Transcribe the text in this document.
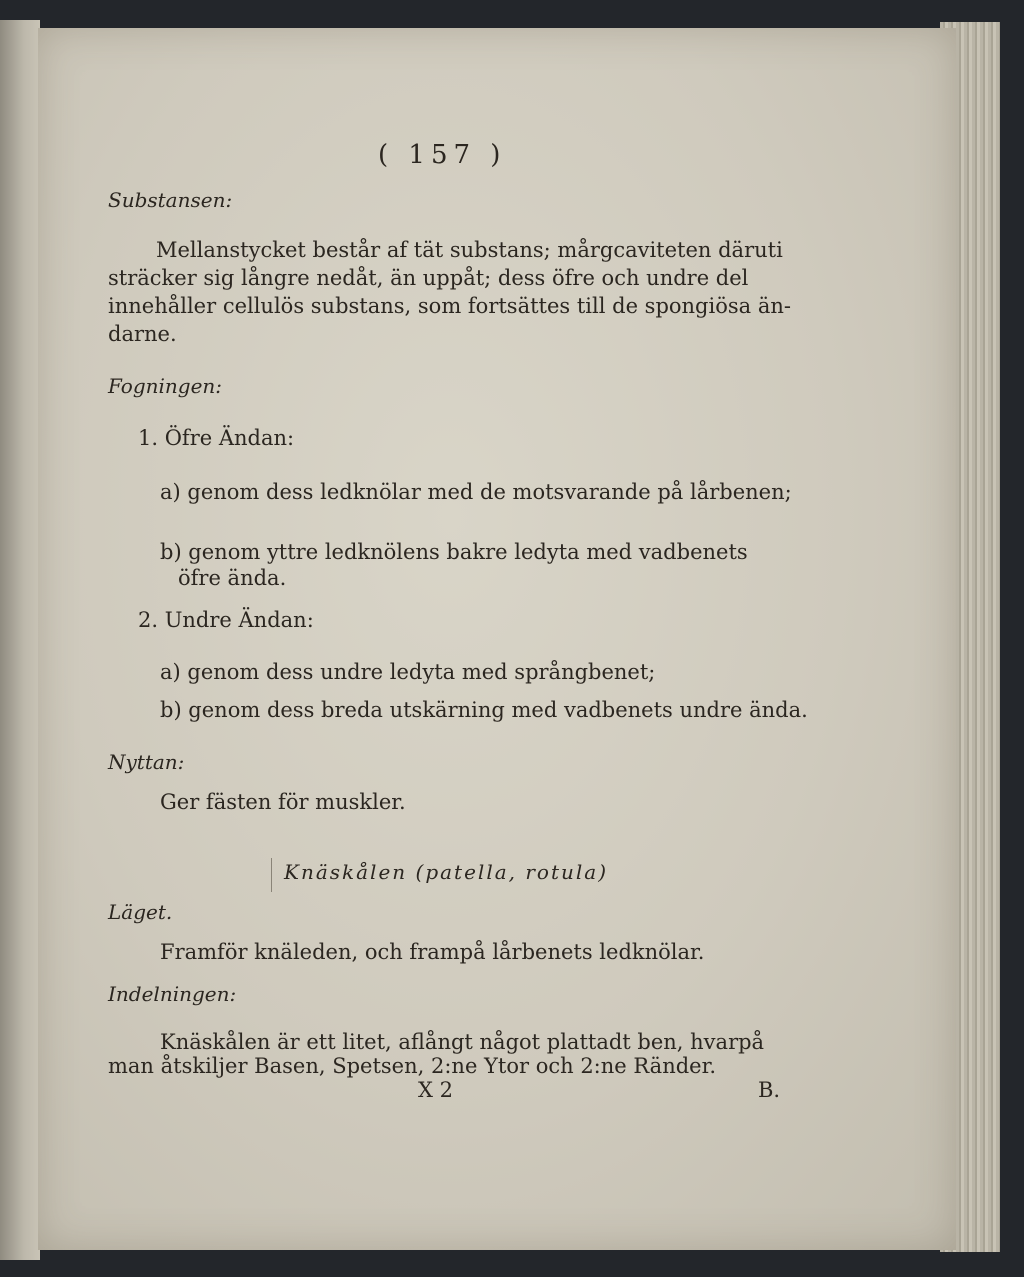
( 157 )
Substansen:
Mellanstycket består af tät substans; mårgcaviteten däruti
sträcker sig långre nedåt, än uppåt; dess öfre och undre del
innehåller cellulös substans, som fortsättes till de spongiösa än-
darne.
Fogningen:
1. Öfre Ändan:
a) genom dess ledknölar med de motsvarande på lårbenen;
b) genom yttre ledknölens bakre ledyta med vadbenets
öfre ända.
2. Undre Ändan:
a) genom dess undre ledyta med språngbenet;
b) genom dess breda utskärning med vadbenets undre ända.
Nyttan:
Ger fästen för muskler.
Knäskålen (patella, rotula)
Läget.
Framför knäleden, och frampå lårbenets ledknölar.
Indelningen:
Knäskålen är ett litet, aflångt något plattadt ben, hvarpå
man åtskiljer Basen, Spetsen, 2:ne Ytor och 2:ne Ränder.
X 2	B.
